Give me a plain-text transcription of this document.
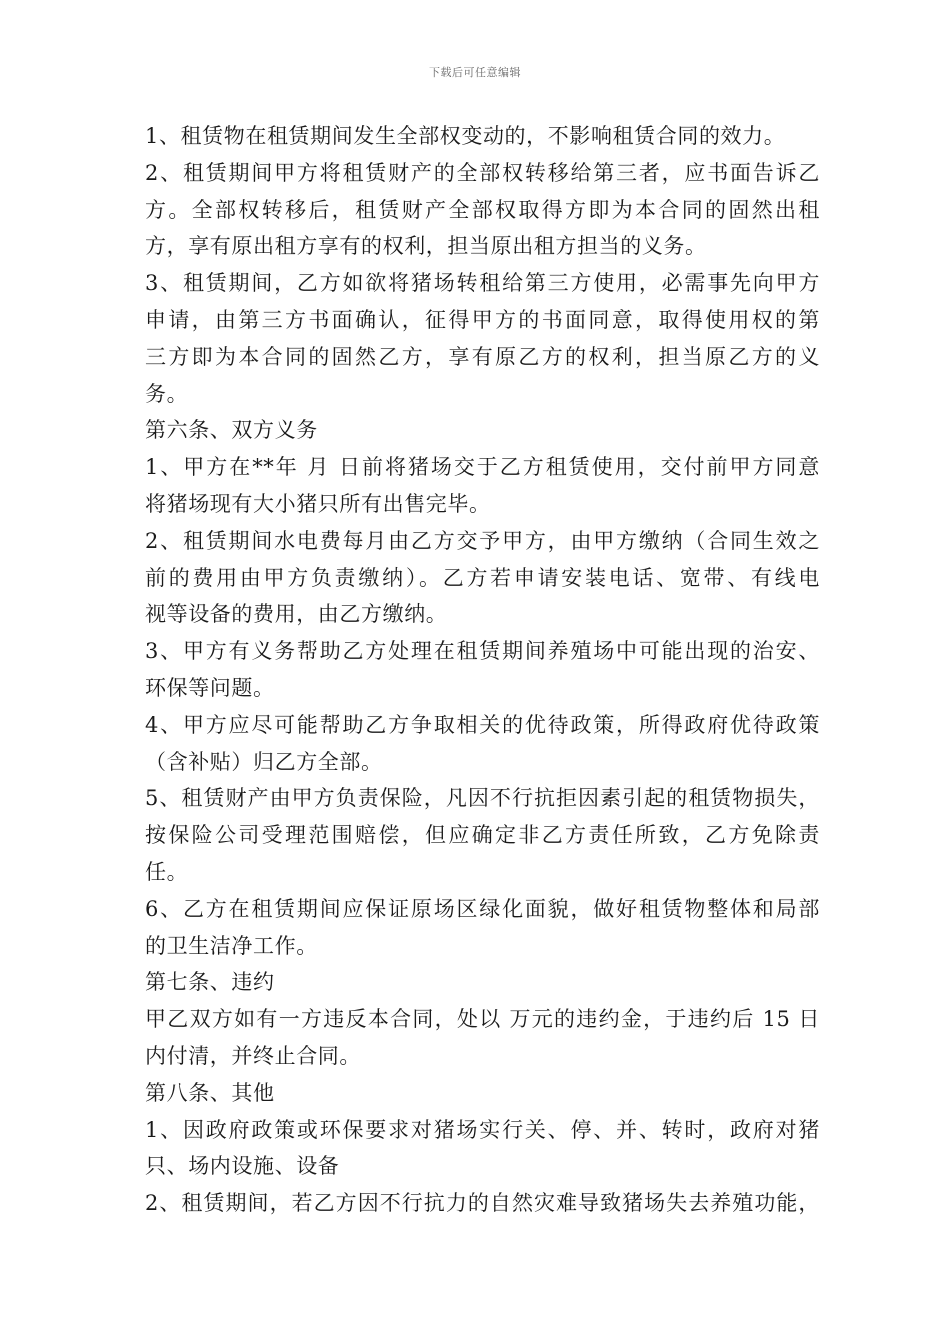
下载后可任意编辑
1、租赁物在租赁期间发生全部权变动的，不影响租赁合同的效力。
2、租赁期间甲方将租赁财产的全部权转移给第三者，应书面告诉乙
方。全部权转移后，租赁财产全部权取得方即为本合同的固然出租
方，享有原出租方享有的权利，担当原出租方担当的义务。
3、租赁期间，乙方如欲将猪场转租给第三方使用，必需事先向甲方
申请，由第三方书面确认，征得甲方的书面同意，取得使用权的第
三方即为本合同的固然乙方，享有原乙方的权利，担当原乙方的义
务。
第六条、双方义务
1、甲方在**年 月 日前将猪场交于乙方租赁使用，交付前甲方同意
将猪场现有大小猪只所有出售完毕。
2、租赁期间水电费每月由乙方交予甲方，由甲方缴纳（合同生效之
前的费用由甲方负责缴纳）。乙方若申请安装电话、宽带、有线电
视等设备的费用，由乙方缴纳。
3、甲方有义务帮助乙方处理在租赁期间养殖场中可能出现的治安、
环保等问题。
4、甲方应尽可能帮助乙方争取相关的优待政策，所得政府优待政策
（含补贴）归乙方全部。
5、租赁财产由甲方负责保险，凡因不行抗拒因素引起的租赁物损失，
按保险公司受理范围赔偿，但应确定非乙方责任所致，乙方免除责
任。
6、乙方在租赁期间应保证原场区绿化面貌，做好租赁物整体和局部
的卫生洁净工作。
第七条、违约
甲乙双方如有一方违反本合同，处以 万元的违约金，于违约后 15 日
内付清，并终止合同。
第八条、其他
1、因政府政策或环保要求对猪场实行关、停、并、转时，政府对猪
只、场内设施、设备
2、租赁期间，若乙方因不行抗力的自然灾难导致猪场失去养殖功能，
